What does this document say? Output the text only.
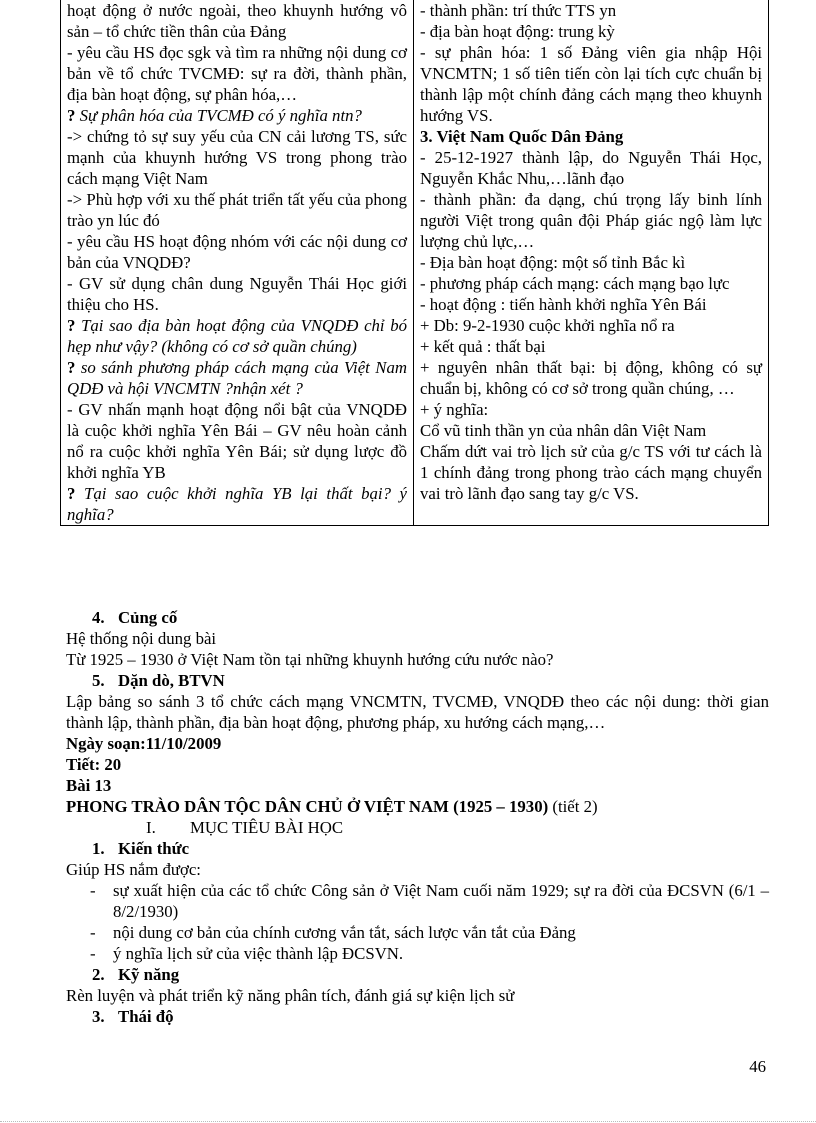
hoạt động ở nước ngoài, theo khuynh hướng vô sản – tổ chức tiền thân của Đảng
- yêu cầu HS đọc sgk và tìm ra những nội dung cơ bản về tổ chức TVCMĐ: sự ra đời, thành phần, địa bàn hoạt động, sự phân hóa,…
? Sự phân hóa của TVCMĐ có ý nghĩa ntn?
-> chứng tỏ sự suy yếu của CN cải lương TS, sức mạnh của khuynh hướng VS trong phong trào cách mạng Việt Nam
-> Phù hợp với xu thế phát triển tất yếu của phong trào yn lúc đó
- yêu cầu HS hoạt động nhóm với các nội dung cơ bản của VNQDĐ?
- GV sử dụng chân dung Nguyễn Thái Học giới thiệu cho HS.
? Tại sao địa bàn hoạt động của VNQDĐ chỉ bó hẹp như vậy? (không có cơ sở quần chúng)
? so sánh phương pháp cách mạng của Việt Nam QDĐ và hội VNCMTN ?nhận xét ?
- GV nhấn mạnh hoạt động nổi bật của VNQDĐ là cuộc khởi nghĩa Yên Bái – GV nêu hoàn cảnh nổ ra cuộc khởi nghĩa Yên Bái; sử dụng lược đồ khởi nghĩa YB
? Tại sao cuộc khởi nghĩa YB lại thất bại? ý nghĩa?

- thành phần: trí thức TTS yn
- địa bàn hoạt động: trung kỳ
- sự phân hóa: 1 số Đảng viên gia nhập Hội VNCMTN; 1 số tiên tiến còn lại tích cực chuẩn bị thành lập một chính đảng cách mạng theo khuynh hướng VS.
3. Việt Nam Quốc Dân Đảng
- 25-12-1927 thành lập, do Nguyễn Thái Học, Nguyễn Khắc Nhu,…lãnh đạo
- thành phần: đa dạng, chú trọng lấy binh lính người Việt trong quân đội Pháp giác ngộ làm lực lượng chủ lực,…
- Địa bàn hoạt động: một số tỉnh Bắc kì
- phương pháp cách mạng: cách mạng bạo lực
- hoạt động : tiến hành khởi nghĩa Yên Bái
+ Db: 9-2-1930 cuộc khởi nghĩa nổ ra
+ kết quả : thất bại
+ nguyên nhân thất bại: bị động, không có sự chuẩn bị, không có cơ sở trong quần chúng, …
+ ý nghĩa:
Cổ vũ tinh thần yn của nhân dân Việt Nam
Chấm dứt vai trò lịch sử của g/c TS với tư cách là 1 chính đảng trong phong trào cách mạng chuyển vai trò lãnh đạo sang tay g/c VS.

4. Củng cố

Hệ thống nội dung bài

Từ 1925 – 1930 ở Việt Nam tồn tại những khuynh hướng cứu nước nào?

5. Dặn dò, BTVN

Lập bảng so sánh 3 tổ chức cách mạng VNCMTN, TVCMĐ, VNQDĐ theo các nội dung: thời gian thành lập, thành phần, địa bàn hoạt động, phương pháp, xu hướng cách mạng,…

Ngày soạn:11/10/2009

Tiết: 20

Bài 13

PHONG TRÀO DÂN TỘC DÂN CHỦ Ở VIỆT NAM (1925 – 1930) (tiết 2)

I. MỤC TIÊU BÀI HỌC

1. Kiến thức

Giúp HS nắm được:

- sự xuất hiện của các tổ chức Công sản ở Việt Nam cuối năm 1929; sự ra đời của ĐCSVN (6/1 – 8/2/1930)
- nội dung cơ bản của chính cương vắn tắt, sách lược vắn tắt của Đảng
- ý nghĩa lịch sử của việc thành lập ĐCSVN.

2. Kỹ năng

Rèn luyện và phát triển kỹ năng phân tích, đánh giá sự kiện lịch sử

3. Thái độ

46
